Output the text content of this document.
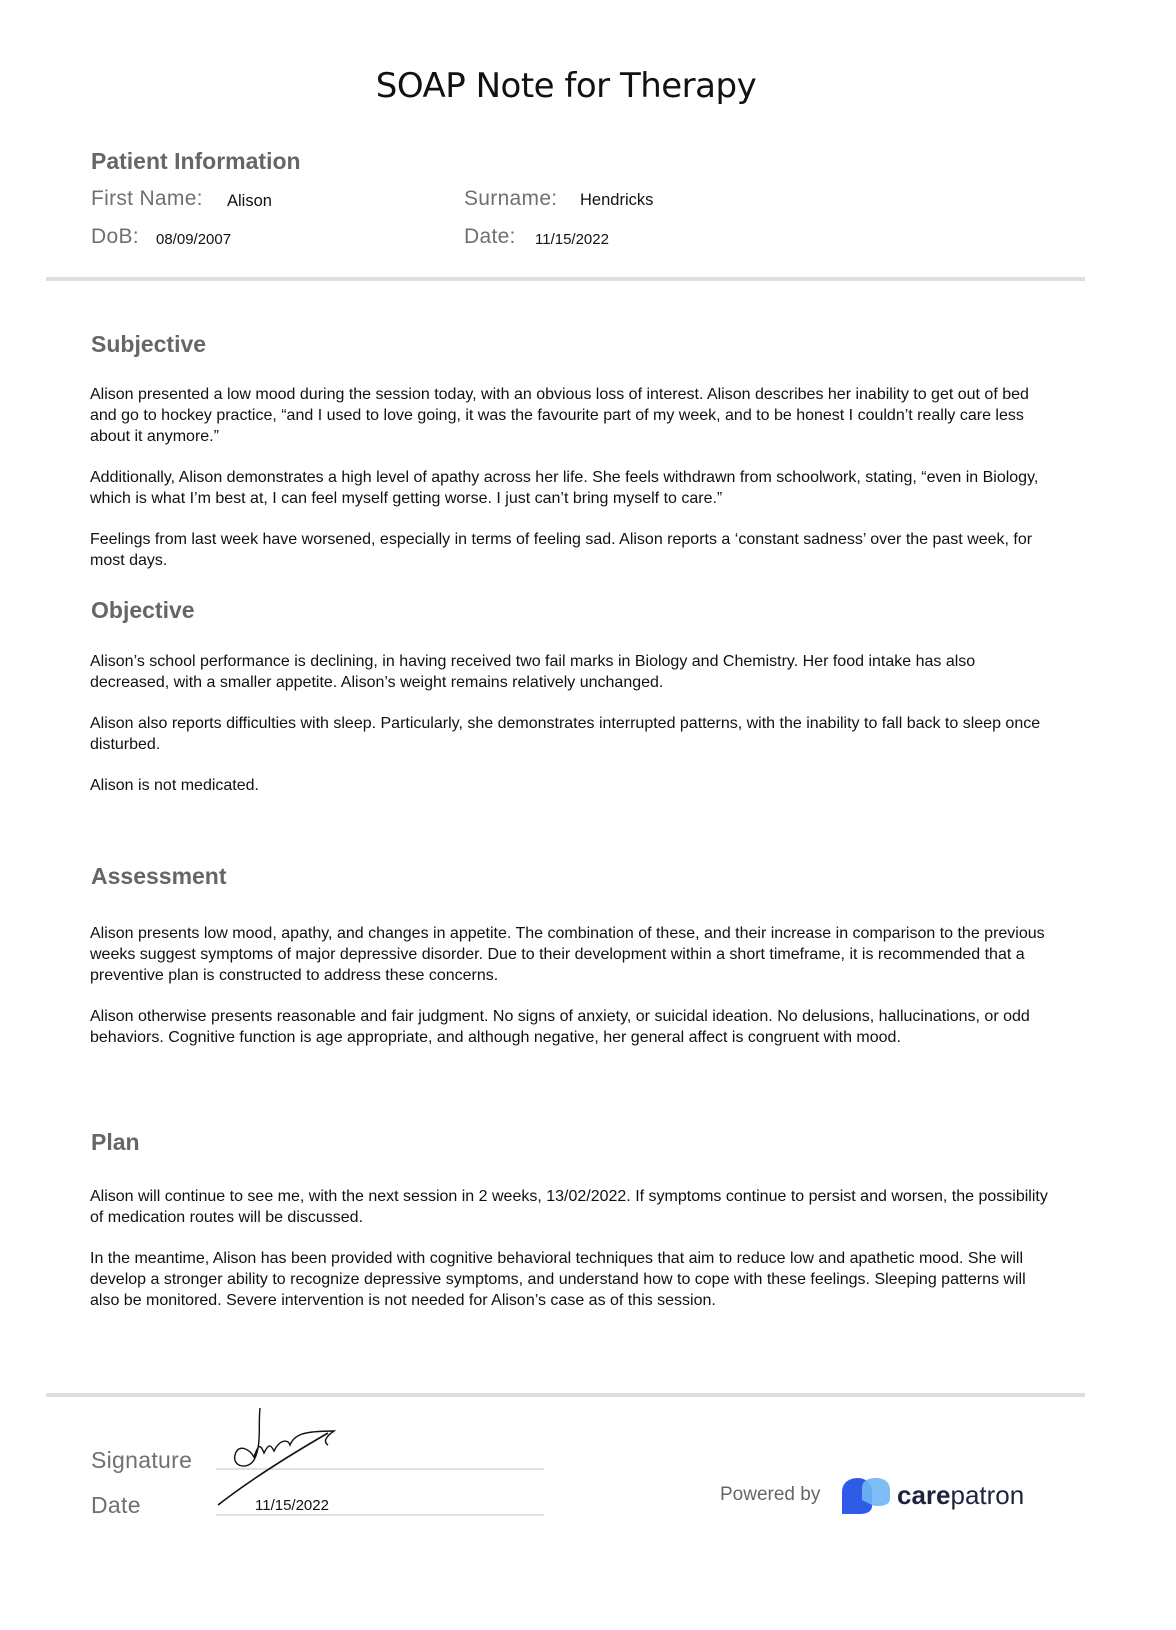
SOAP Note for Therapy
Patient Information
First Name: Alison	Surname: Hendricks
DoB: 08/09/2007	Date: 11/15/2022
Subjective

Alison presented a low mood during the session today, with an obvious loss of interest. Alison describes her inability to get out of bed and go to hockey practice, “and I used to love going, it was the favourite part of my week, and to be honest I couldn’t really care less about it anymore.”

Additionally, Alison demonstrates a high level of apathy across her life. She feels withdrawn from schoolwork, stating, “even in Biology, which is what I’m best at, I can feel myself getting worse. I just can’t bring myself to care.”

Feelings from last week have worsened, especially in terms of feeling sad. Alison reports a ‘constant sadness’ over the past week, for most days.

Objective

Alison’s school performance is declining, in having received two fail marks in Biology and Chemistry. Her food intake has also decreased, with a smaller appetite. Alison’s weight remains relatively unchanged.

Alison also reports difficulties with sleep. Particularly, she demonstrates interrupted patterns, with the inability to fall back to sleep once disturbed.

Alison is not medicated.

Assessment

Alison presents low mood, apathy, and changes in appetite. The combination of these, and their increase in comparison to the previous weeks suggest symptoms of major depressive disorder. Due to their development within a short timeframe, it is recommended that a preventive plan is constructed to address these concerns.

Alison otherwise presents reasonable and fair judgment. No signs of anxiety, or suicidal ideation. No delusions, hallucinations, or odd behaviors. Cognitive function is age appropriate, and although negative, her general affect is congruent with mood.

Plan

Alison will continue to see me, with the next session in 2 weeks, 13/02/2022. If symptoms continue to persist and worsen, the possibility of medication routes will be discussed.

In the meantime, Alison has been provided with cognitive behavioral techniques that aim to reduce low and apathetic mood. She will develop a stronger ability to recognize depressive symptoms, and understand how to cope with these feelings. Sleeping patterns will also be monitored. Severe intervention is not needed for Alison’s case as of this session.

Signature
Date	11/15/2022
Powered by	carepatron
